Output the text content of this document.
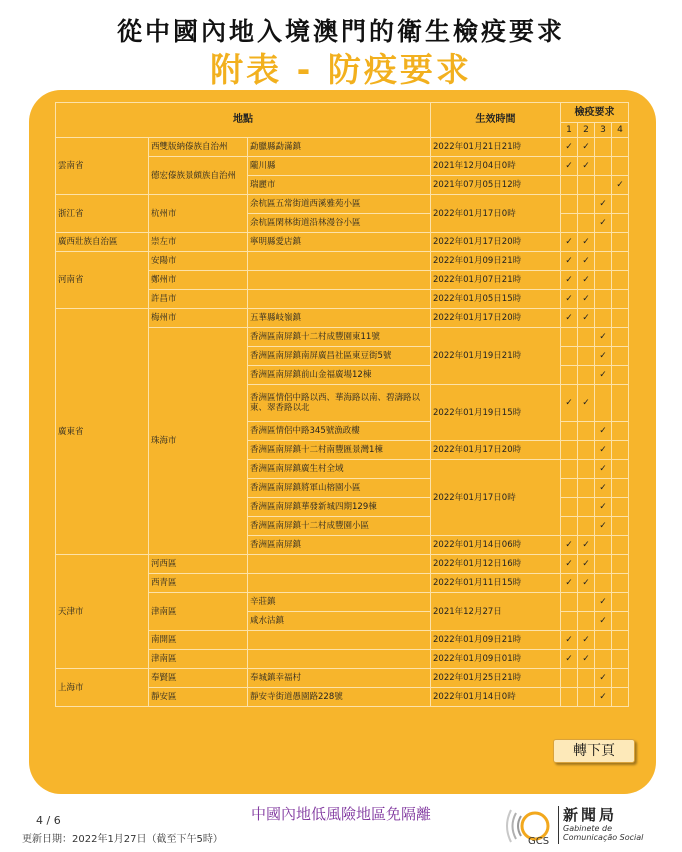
從中國內地入境澳門的衛生檢疫要求
附表 - 防疫要求
地點			生效時間	檢疫要求			
				1	2	3	4
雲南省	西雙版納傣族自治州	勐臘縣勐滿鎮	2022年01月21日21時	✓	✓		
	德宏傣族景頗族自治州	隴川縣	2021年12月04日0時	✓	✓		
		瑞麗市	2021年07月05日12時				✓
浙江省	杭州市	余杭區五常街道西溪雅苑小區	2022年01月17日0時			✓	
		余杭區閑林街道沿林漫谷小區				✓	
廣西壯族自治區	崇左市	寧明縣愛店鎮	2022年01月17日20時	✓	✓		
河南省	安陽市		2022年01月09日21時	✓	✓		
	鄭州市		2022年01月07日21時	✓	✓		
	許昌市		2022年01月05日15時	✓	✓		
廣東省	梅州市	五華縣岐嶺鎮	2022年01月17日20時	✓	✓		
	珠海市	香洲區南屏鎮十二村成豐園東11號	2022年01月19日21時			✓	
		香洲區南屏鎮南屏廣昌社區東豆街5號				✓	
		香洲區南屏鎮前山金福廣場12棟				✓	
		香洲區情侶中路以西、華海路以南、碧濤路以東、翠香路以北	2022年01月19日15時	✓	✓		
		香洲區情侶中路345號漁政樓				✓	
		香洲區南屏鎮十二村南豐匯景灣1棟	2022年01月17日20時			✓	
		香洲區南屏鎮廣生村全域	2022年01月17日0時			✓	
		香洲區南屏鎮將軍山榕園小區				✓	
		香洲區南屏鎮華發新城四期129棟				✓	
		香洲區南屏鎮十二村成豐園小區				✓	
		香洲區南屏鎮	2022年01月14日06時	✓	✓		
天津市	河西區		2022年01月12日16時	✓	✓		
	西青區		2022年01月11日15時	✓	✓		
	津南區	辛莊鎮	2021年12月27日			✓	
		咸水沽鎮				✓	
	南開區		2022年01月09日21時	✓	✓		
	津南區		2022年01月09日01時	✓	✓		
上海市	奉賢區	奉城鎮幸福村	2022年01月25日21時			✓	
	靜安區	靜安寺街道愚園路228號	2022年01月14日0時			✓	
轉下頁
4 / 6	中國內地低風險地區免隔離
更新日期：2022年1月27日（截至下午5時）	GCS
新聞局
Gabinete de
Comunicação Social
